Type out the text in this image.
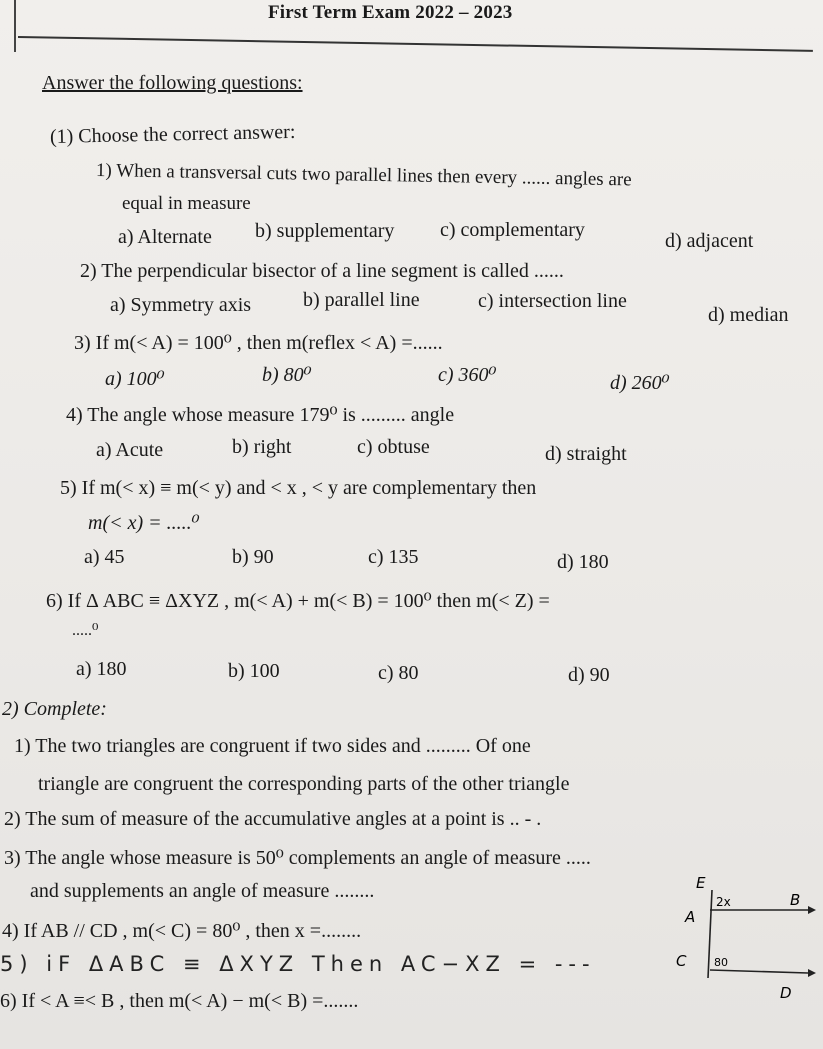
First Term Exam 2022 – 2023
Answer the following questions:
(1) Choose the correct answer:
1) When a transversal cuts two parallel lines then every ...... angles are
equal in measure
a) Alternate b) supplementary c) complementary	d) adjacent
2) The perpendicular bisector of a line segment is called ......
a) Symmetry axis	b) parallel line	c) intersection line
d) median
3) If m(< A) = 100⁰ , then m(reflex < A) =......
a) 100⁰	b) 80⁰	c) 360⁰	d) 260⁰
4) The angle whose measure 179⁰ is ......... angle
a) Acute	b) right	c) obtuse	d) straight
5) If m(< x) ≡ m(< y) and < x , < y are complementary then
m(< x) = .....⁰
a) 45	b) 90	c) 135	d) 180
6) If Δ ABC ≡ ΔXYZ , m(< A) + m(< B) = 100⁰ then m(< Z) =
.....⁰
a) 180	b) 100	c) 80	d) 90
2) Complete:
1) The two triangles are congruent if two sides and ......... Of one
triangle are congruent the corresponding parts of the other triangle
2) The sum of measure of the accumulative angles at a point is .. - .
3) The angle whose measure is 50⁰ complements an angle of measure .....
and supplements an angle of measure ........
4) If AB // CD , m(< C) = 80⁰ , then x =........
5) iF ΔABC ≡ ΔXYZ Then AC−XZ = ---
6) If < A ≡< B , then m(< A) − m(< B) =.......
E
A
B
C
D
2x
80
